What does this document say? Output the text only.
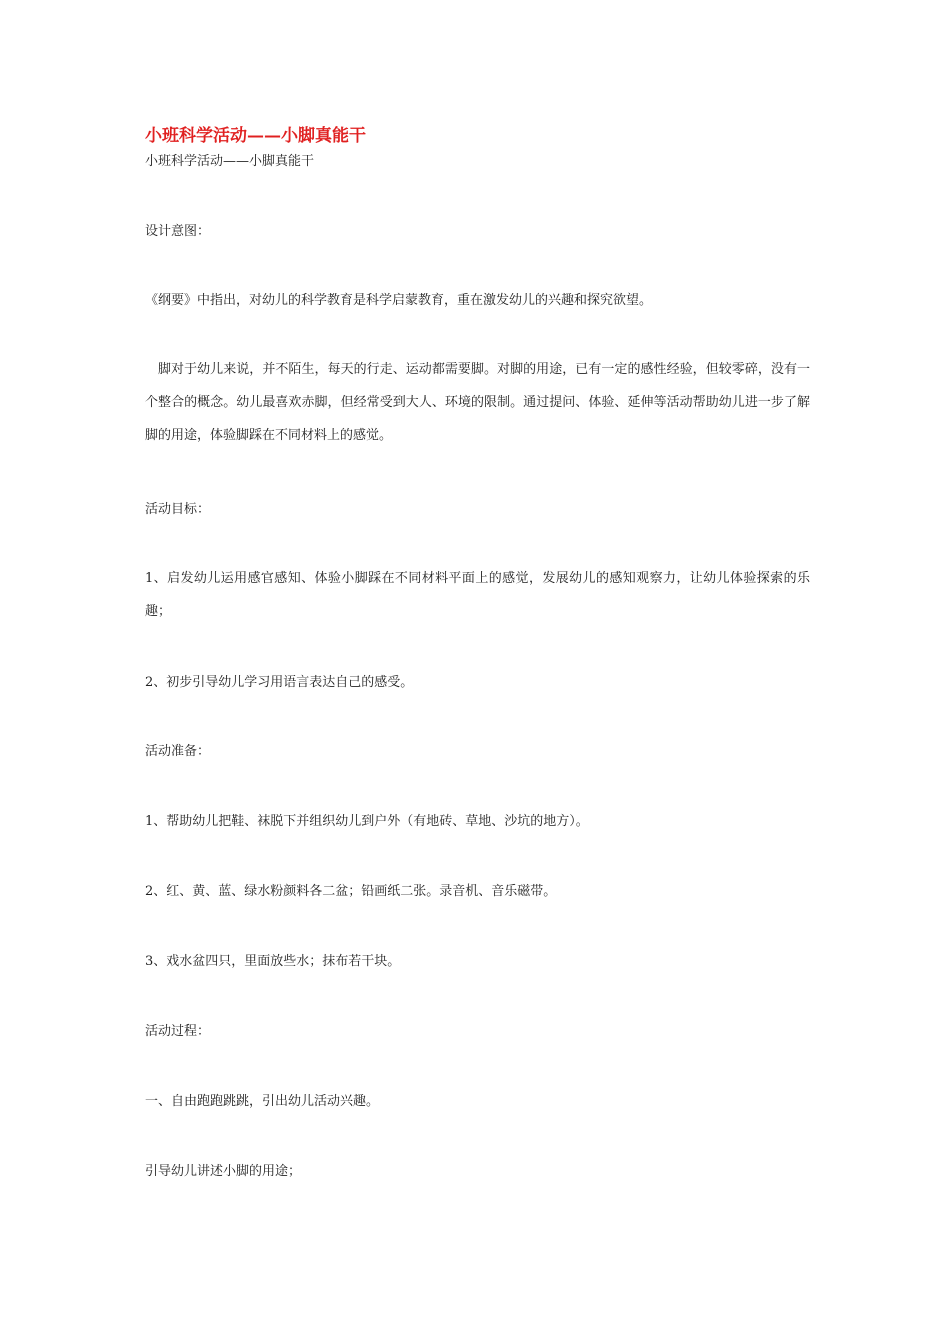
小班科学活动——小脚真能干
小班科学活动——小脚真能干
设计意图：
《纲要》中指出，对幼儿的科学教育是科学启蒙教育，重在激发幼儿的兴趣和探究欲望。
脚对于幼儿来说，并不陌生，每天的行走、运动都需要脚。对脚的用途，已有一定的感性经验，但较零碎，没有一个整合的概念。幼儿最喜欢赤脚，但经常受到大人、环境的限制。通过提问、体验、延伸等活动帮助幼儿进一步了解脚的用途，体验脚踩在不同材料上的感觉。
活动目标：
1、启发幼儿运用感官感知、体验小脚踩在不同材料平面上的感觉，发展幼儿的感知观察力，让幼儿体验探索的乐趣；
2、初步引导幼儿学习用语言表达自己的感受。
活动准备：
1、帮助幼儿把鞋、袜脱下并组织幼儿到户外（有地砖、草地、沙坑的地方）。
2、红、黄、蓝、绿水粉颜料各二盆；铅画纸二张。录音机、音乐磁带。
3、戏水盆四只，里面放些水；抹布若干块。
活动过程：
一、自由跑跑跳跳，引出幼儿活动兴趣。
引导幼儿讲述小脚的用途；
